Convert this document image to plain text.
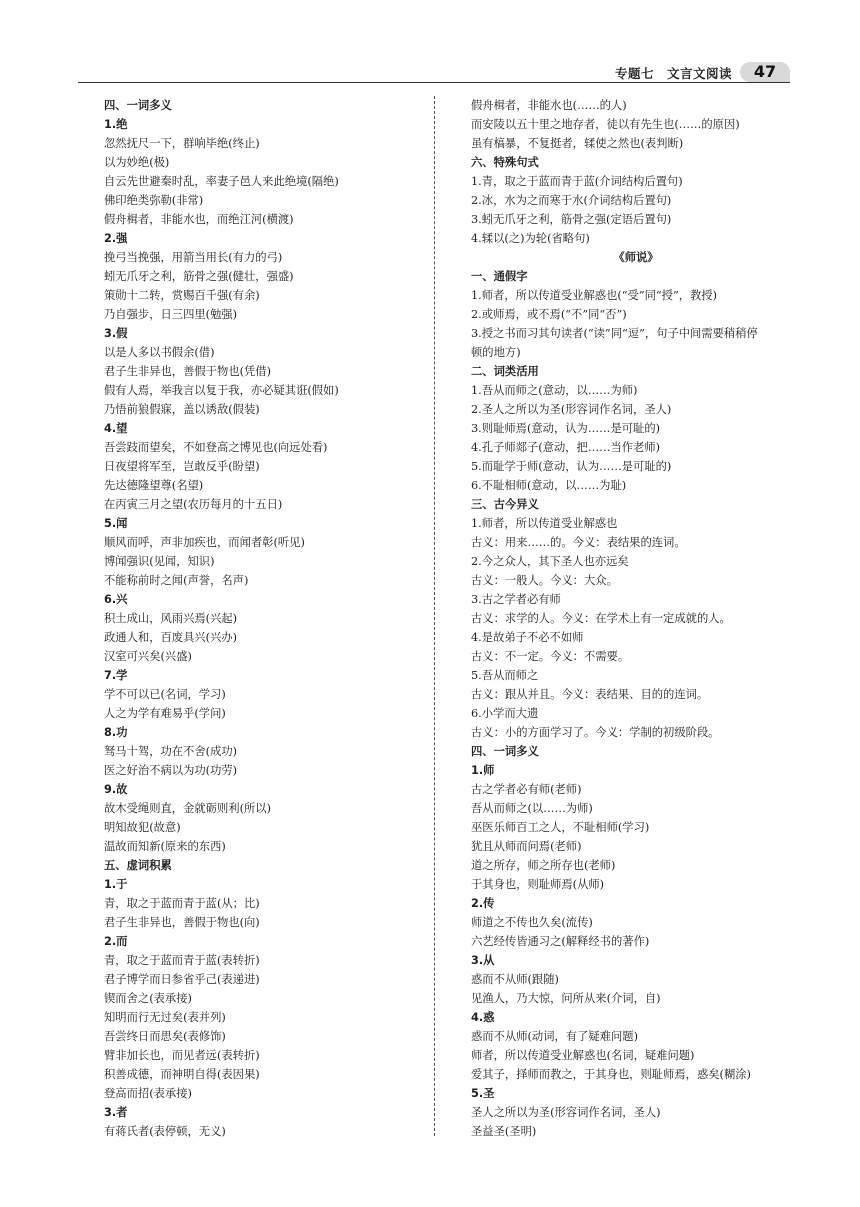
专题七　文言文阅读	47
四、一词多义
1.绝
忽然抚尺一下，群响毕绝(终止)
以为妙绝(极)
自云先世避秦时乱，率妻子邑人来此绝境(隔绝)
佛印绝类弥勒(非常)
假舟楫者，非能水也，而绝江河(横渡)
2.强
挽弓当挽强，用箭当用长(有力的弓)
蚓无爪牙之利，筋骨之强(健壮，强盛)
策勋十二转，赏赐百千强(有余)
乃自强步，日三四里(勉强)
3.假
以是人多以书假余(借)
君子生非异也，善假于物也(凭借)
假有人焉，举我言以复于我，亦必疑其诳(假如)
乃悟前狼假寐，盖以诱敌(假装)
4.望
吾尝跂而望矣，不如登高之博见也(向远处看)
日夜望将军至，岂敢反乎(盼望)
先达德隆望尊(名望)
在丙寅三月之望(农历每月的十五日)
5.闻
顺风而呼，声非加疾也，而闻者彰(听见)
博闻强识(见闻，知识)
不能称前时之闻(声誉，名声)
6.兴
积土成山，风雨兴焉(兴起)
政通人和，百废具兴(兴办)
汉室可兴矣(兴盛)
7.学
学不可以已(名词，学习)
人之为学有难易乎(学问)
8.功
驽马十驾，功在不舍(成功)
医之好治不病以为功(功劳)
9.故
故木受绳则直，金就砺则利(所以)
明知故犯(故意)
温故而知新(原来的东西)
五、虚词积累
1.于
青，取之于蓝而青于蓝(从；比)
君子生非异也，善假于物也(向)
2.而
青，取之于蓝而青于蓝(表转折)
君子博学而日参省乎己(表递进)
锲而舍之(表承接)
知明而行无过矣(表并列)
吾尝终日而思矣(表修饰)
臂非加长也，而见者远(表转折)
积善成德，而神明自得(表因果)
登高而招(表承接)
3.者
有蒋氏者(表停顿，无义)
假舟楫者，非能水也(……的人)
而安陵以五十里之地存者，徒以有先生也(……的原因)
虽有槁暴，不复挺者，𫐓使之然也(表判断)
六、特殊句式
1.青，取之于蓝而青于蓝(介词结构后置句)
2.冰，水为之而寒于水(介词结构后置句)
3.蚓无爪牙之利，筋骨之强(定语后置句)
4.𫐓以(之)为轮(省略句)
《师说》
一、通假字
1.师者，所以传道受业解惑也(“受”同“授”，教授)
2.或师焉，或不焉(“不”同“否”)
3.授之书而习其句读者(“读”同“逗”，句子中间需要稍稍停
顿的地方)
二、词类活用
1.吾从而师之(意动，以……为师)
2.圣人之所以为圣(形容词作名词，圣人)
3.则耻师焉(意动，认为……是可耻的)
4.孔子师郯子(意动，把……当作老师)
5.而耻学于师(意动，认为……是可耻的)
6.不耻相师(意动，以……为耻)
三、古今异义
1.师者，所以传道受业解惑也
古义：用来……的。今义：表结果的连词。
2.今之众人，其下圣人也亦远矣
古义：一般人。今义：大众。
3.古之学者必有师
古义：求学的人。今义：在学术上有一定成就的人。
4.是故弟子不必不如师
古义：不一定。今义：不需要。
5.吾从而师之
古义：跟从并且。今义：表结果、目的的连词。
6.小学而大遗
古义：小的方面学习了。今义：学制的初级阶段。
四、一词多义
1.师
古之学者必有师(老师)
吾从而师之(以……为师)
巫医乐师百工之人，不耻相师(学习)
犹且从师而问焉(老师)
道之所存，师之所存也(老师)
于其身也，则耻师焉(从师)
2.传
师道之不传也久矣(流传)
六艺经传皆通习之(解释经书的著作)
3.从
惑而不从师(跟随)
见渔人，乃大惊，问所从来(介词，自)
4.惑
惑而不从师(动词，有了疑难问题)
师者，所以传道受业解惑也(名词，疑难问题)
爱其子，择师而教之，于其身也，则耻师焉，惑矣(糊涂)
5.圣
圣人之所以为圣(形容词作名词，圣人)
圣益圣(圣明)
